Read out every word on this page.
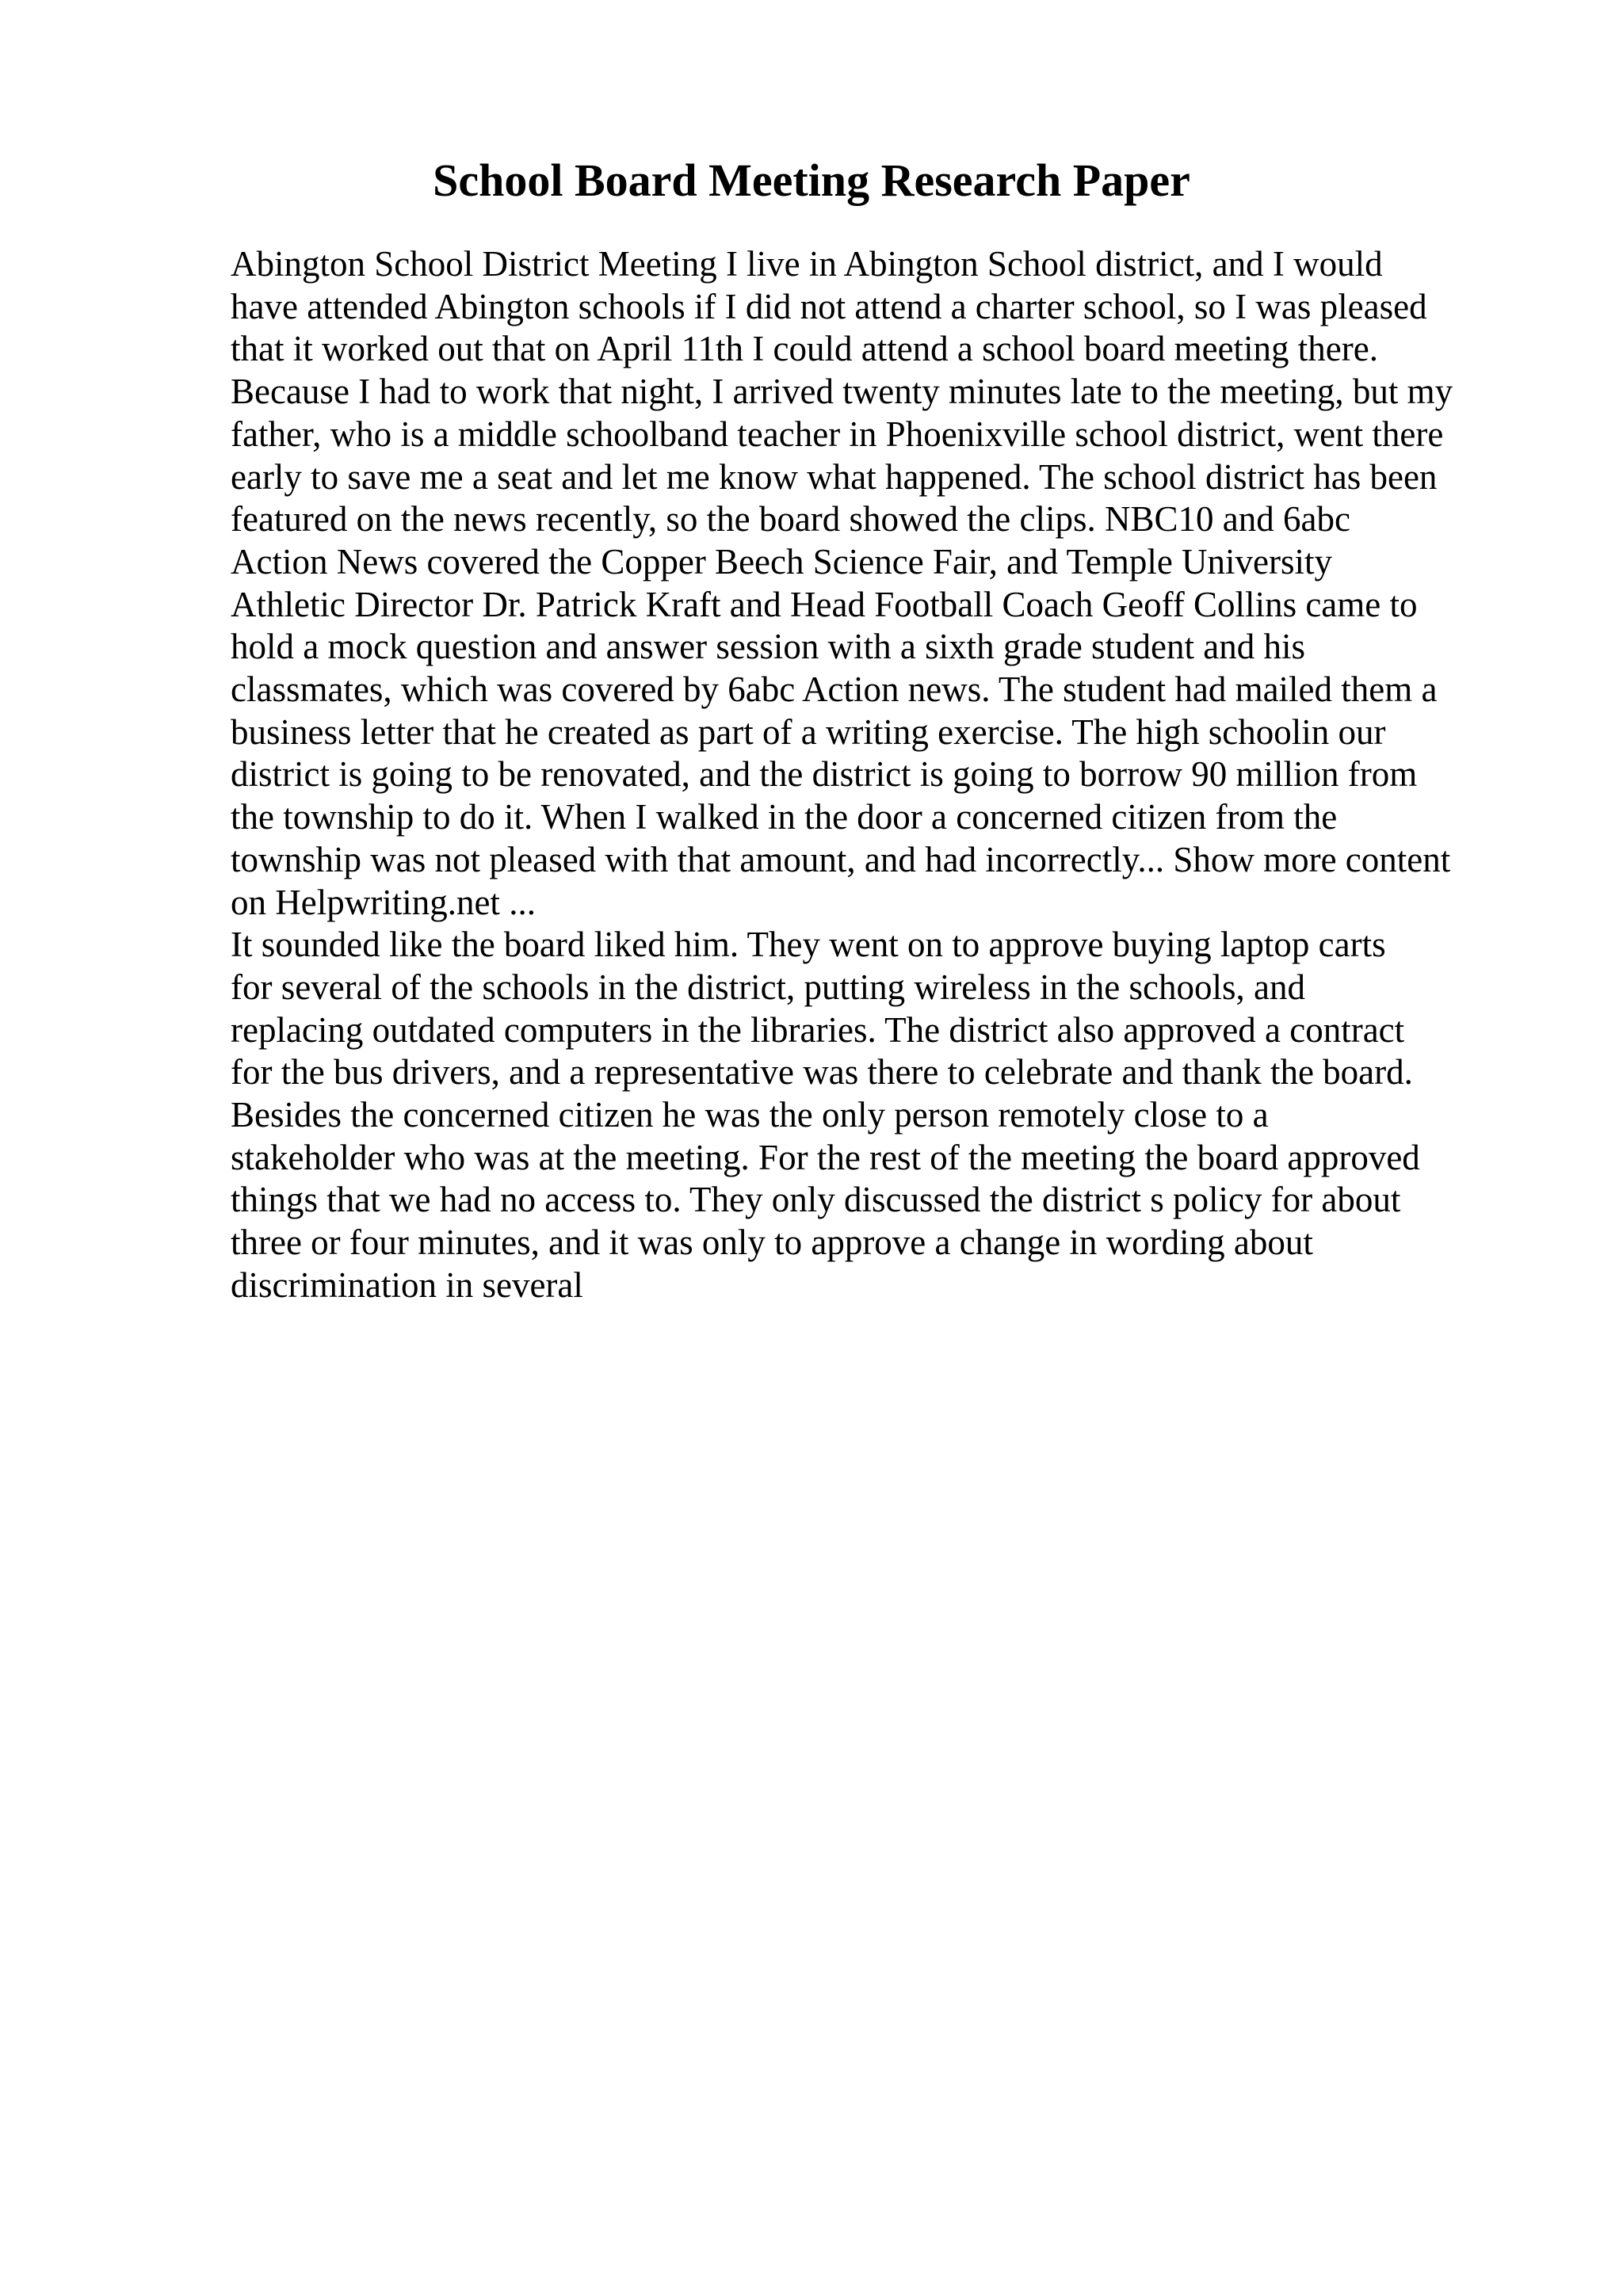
School Board Meeting Research Paper

Abington School District Meeting I live in Abington School district, and I would
have attended Abington schools if I did not attend a charter school, so I was pleased
that it worked out that on April 11th I could attend a school board meeting there.
Because I had to work that night, I arrived twenty minutes late to the meeting, but my
father, who is a middle schoolband teacher in Phoenixville school district, went there
early to save me a seat and let me know what happened. The school district has been
featured on the news recently, so the board showed the clips. NBC10 and 6abc
Action News covered the Copper Beech Science Fair, and Temple University
Athletic Director Dr. Patrick Kraft and Head Football Coach Geoff Collins came to
hold a mock question and answer session with a sixth grade student and his
classmates, which was covered by 6abc Action news. The student had mailed them a
business letter that he created as part of a writing exercise. The high schoolin our
district is going to be renovated, and the district is going to borrow 90 million from
the township to do it. When I walked in the door a concerned citizen from the
township was not pleased with that amount, and had incorrectly... Show more content
on Helpwriting.net ...

It sounded like the board liked him. They went on to approve buying laptop carts
for several of the schools in the district, putting wireless in the schools, and
replacing outdated computers in the libraries. The district also approved a contract
for the bus drivers, and a representative was there to celebrate and thank the board.
Besides the concerned citizen he was the only person remotely close to a
stakeholder who was at the meeting. For the rest of the meeting the board approved
things that we had no access to. They only discussed the district s policy for about
three or four minutes, and it was only to approve a change in wording about
discrimination in several
